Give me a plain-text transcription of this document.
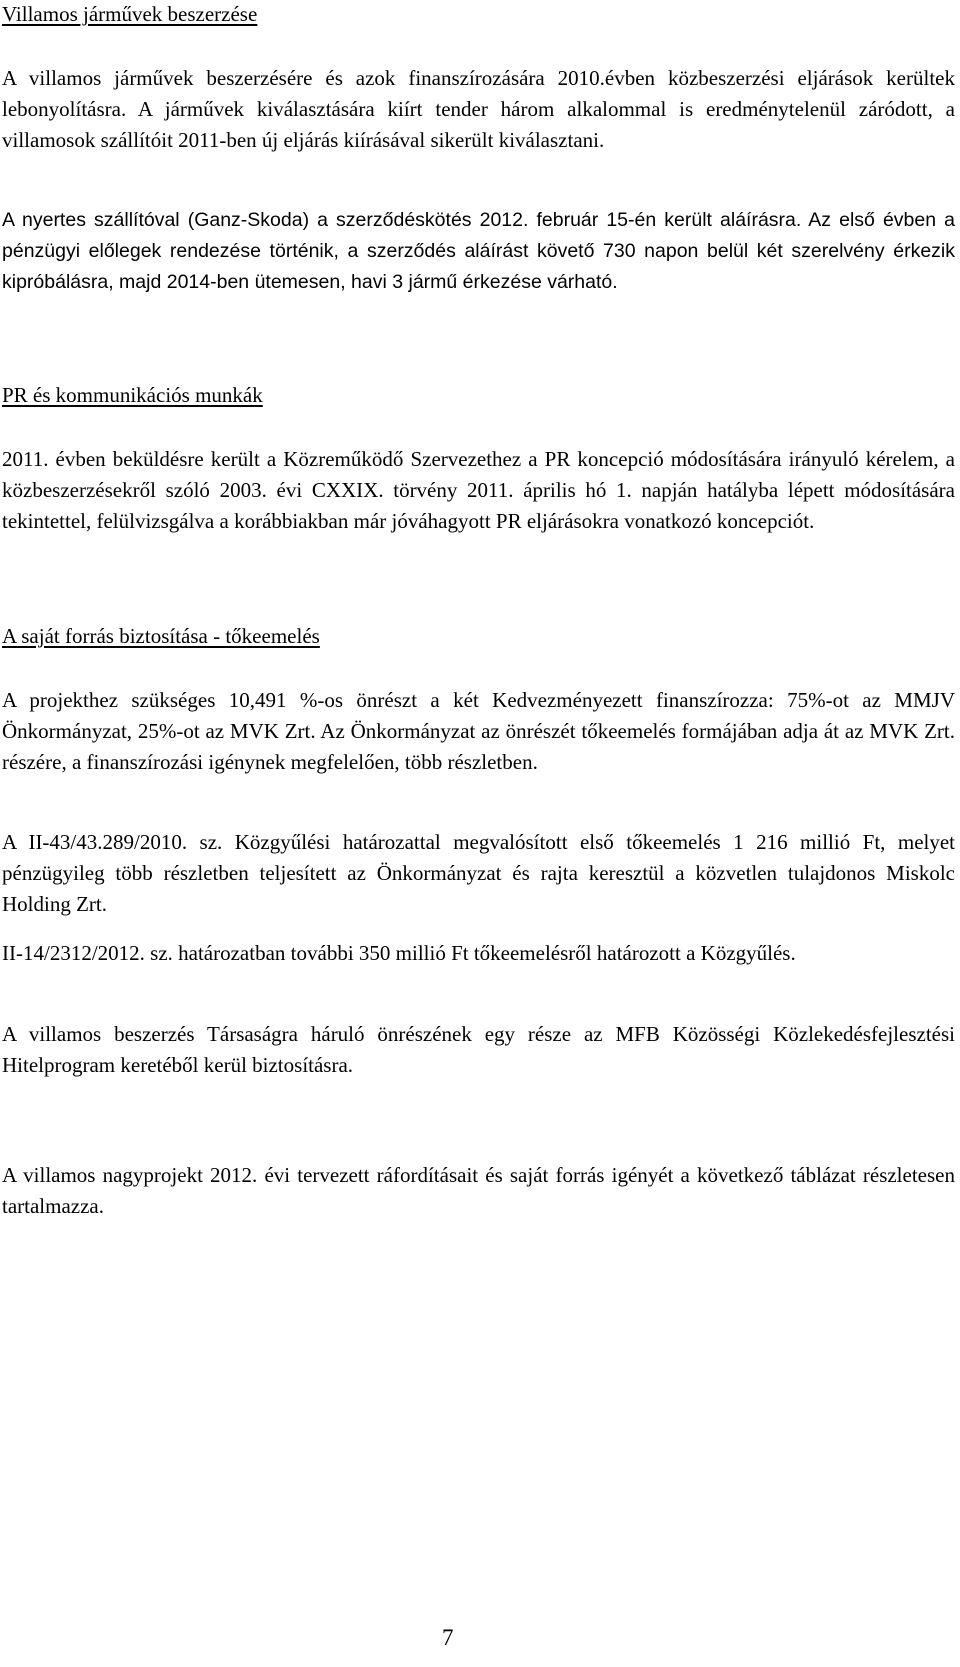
Villamos járművek beszerzése

A villamos járművek beszerzésére és azok finanszírozására 2010.évben közbeszerzési eljárások kerültek lebonyolításra. A járművek kiválasztására kiírt tender három alkalommal is eredménytelenül záródott, a villamosok szállítóit 2011-ben új eljárás kiírásával sikerült kiválasztani.

A nyertes szállítóval (Ganz-Skoda) a szerződéskötés 2012. február 15-én került aláírásra. Az első évben a pénzügyi előlegek rendezése történik, a szerződés aláírást követő 730 napon belül két szerelvény érkezik kipróbálásra, majd 2014-ben ütemesen, havi 3 jármű érkezése várható.

PR és kommunikációs munkák

2011. évben beküldésre került a Közreműködő Szervezethez a PR koncepció módosítására irányuló kérelem, a közbeszerzésekről szóló 2003. évi CXXIX. törvény 2011. április hó 1. napján hatályba lépett módosítására tekintettel, felülvizsgálva a korábbiakban már jóváhagyott PR eljárásokra vonatkozó koncepciót.

A saját forrás biztosítása - tőkeemelés

A projekthez szükséges 10,491 %-os önrészt a két Kedvezményezett finanszírozza: 75%-ot az MMJV Önkormányzat, 25%-ot az MVK Zrt. Az Önkormányzat az önrészét tőkeemelés formájában adja át az MVK Zrt. részére, a finanszírozási igénynek megfelelően, több részletben.

A II-43/43.289/2010. sz. Közgyűlési határozattal megvalósított első tőkeemelés 1 216 millió Ft, melyet pénzügyileg több részletben teljesített az Önkormányzat és rajta keresztül a közvetlen tulajdonos Miskolc Holding Zrt.

II-14/2312/2012. sz. határozatban további 350 millió Ft tőkeemelésről határozott a Közgyűlés.

A villamos beszerzés Társaságra háruló önrészének egy része az MFB Közösségi Közlekedésfejlesztési Hitelprogram keretéből kerül biztosításra.

A villamos nagyprojekt 2012. évi tervezett ráfordításait és saját forrás igényét a következő táblázat részletesen tartalmazza.

7
